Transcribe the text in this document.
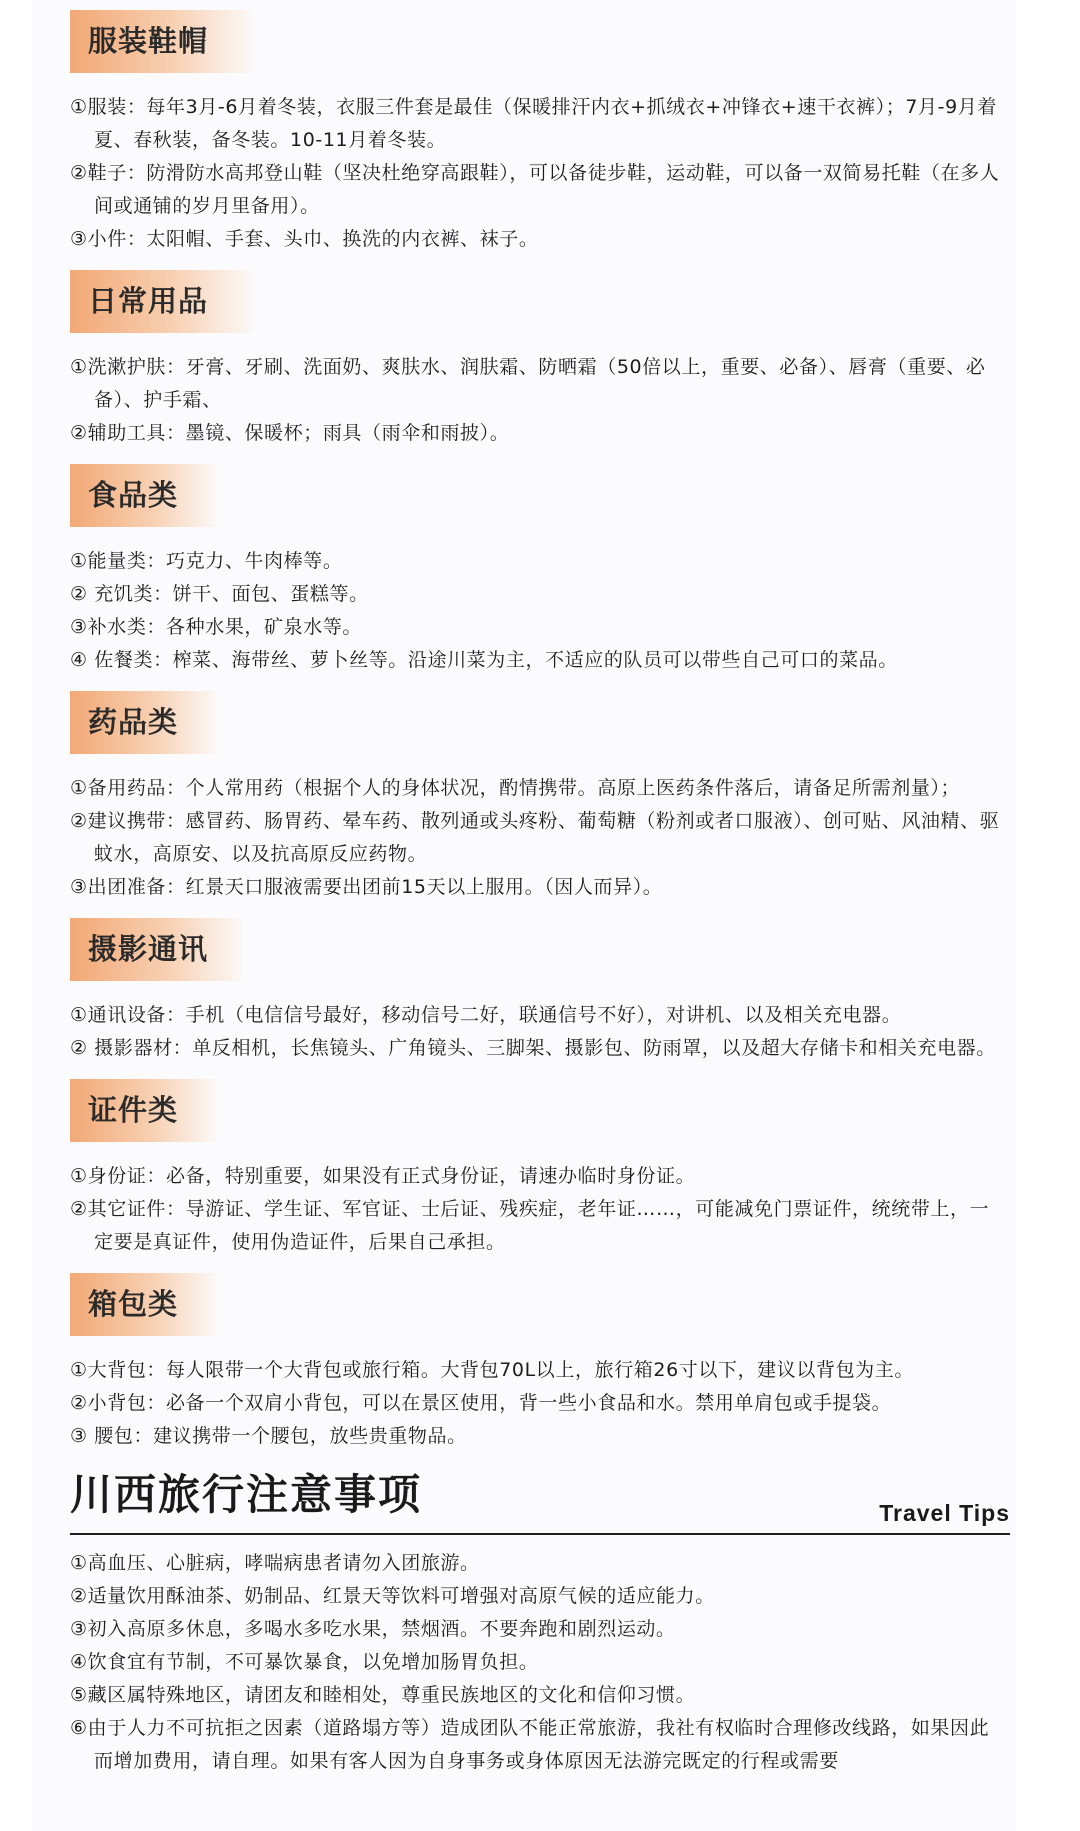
服装鞋帽
①服装：每年3月-6月着冬装，衣服三件套是最佳（保暖排汗内衣+抓绒衣+冲锋衣+速干衣裤）；7月-9月着夏、春秋装，备冬装。10-11月着冬装。
②鞋子：防滑防水高邦登山鞋（坚决杜绝穿高跟鞋），可以备徒步鞋，运动鞋，可以备一双简易托鞋（在多人间或通铺的岁月里备用）。
③小件：太阳帽、手套、头巾、换洗的内衣裤、袜子。
日常用品
①洗漱护肤：牙膏、牙刷、洗面奶、爽肤水、润肤霜、防晒霜（50倍以上，重要、必备）、唇膏（重要、必备）、护手霜、
②辅助工具：墨镜、保暖杯；雨具（雨伞和雨披）。
食品类
①能量类：巧克力、牛肉棒等。
② 充饥类：饼干、面包、蛋糕等。
③补水类：各种水果，矿泉水等。
④ 佐餐类：榨菜、海带丝、萝卜丝等。沿途川菜为主，不适应的队员可以带些自己可口的菜品。
药品类
①备用药品：个人常用药（根据个人的身体状况，酌情携带。高原上医药条件落后，请备足所需剂量）；
②建议携带：感冒药、肠胃药、晕车药、散列通或头疼粉、葡萄糖（粉剂或者口服液）、创可贴、风油精、驱蚊水，高原安、以及抗高原反应药物。
③出团准备：红景天口服液需要出团前15天以上服用。（因人而异）。
摄影通讯
①通讯设备：手机（电信信号最好，移动信号二好，联通信号不好），对讲机、以及相关充电器。
② 摄影器材：单反相机，长焦镜头、广角镜头、三脚架、摄影包、防雨罩，以及超大存储卡和相关充电器。
证件类
①身份证：必备，特别重要，如果没有正式身份证，请速办临时身份证。
②其它证件：导游证、学生证、军官证、士后证、残疾症，老年证……，可能减免门票证件，统统带上，一定要是真证件，使用伪造证件，后果自己承担。
箱包类
①大背包：每人限带一个大背包或旅行箱。大背包70L以上，旅行箱26寸以下，建议以背包为主。
②小背包：必备一个双肩小背包，可以在景区使用，背一些小食品和水。禁用单肩包或手提袋。
③ 腰包：建议携带一个腰包，放些贵重物品。
川西旅行注意事项	Travel Tips
①高血压、心脏病，哮喘病患者请勿入团旅游。
②适量饮用酥油茶、奶制品、红景天等饮料可增强对高原气候的适应能力。
③初入高原多休息，多喝水多吃水果，禁烟酒。不要奔跑和剧烈运动。
④饮食宜有节制，不可暴饮暴食，以免增加肠胃负担。
⑤藏区属特殊地区，请团友和睦相处，尊重民族地区的文化和信仰习惯。
⑥由于人力不可抗拒之因素（道路塌方等）造成团队不能正常旅游，我社有权临时合理修改线路，如果因此而增加费用，请自理。如果有客人因为自身事务或身体原因无法游完既定的行程或需要
